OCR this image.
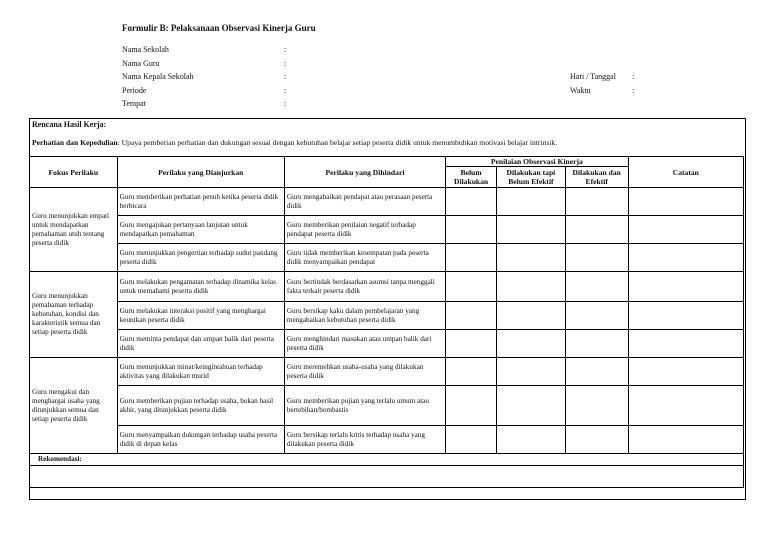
Formulir B: Pelaksanaan Observasi Kinerja Guru
Nama Sekolah	:
Nama Guru	:
Nama Kepala Sekolah	:
Periode	:
Tempat	:
Hari / Tanggal :
Waktu	:
Rencana Hasil Kerja:
Perhatian dan Kepedulian: Upaya pemberian perhatian dan dukungan sesuai dengan kebutuhan belajar setiap peserta didik untuk menumbuhkan motivasi belajar intrinsik.
Fokus Perilaku	Perilaku yang Dianjurkan	Perilaku yang Dihindari	Penilaian Observasi Kinerja			Catatan
			Belum Dilakukan	Dilakukan tapi Belum Efektif	Dilakukan dan Efektif	
Guru menunjukkan empati untuk mendapatkan pemahaman utuh tentang peserta didik	Guru memberikan perhatian penuh ketika peserta didik berbicara	Guru mengabaikan pendapat atau perasaan peserta didik				
	Guru mengajukan pertanyaan lanjutan untuk mendapatkan pemahaman	Guru memberikan penilaian negatif terhadap pendapat peserta didik				
	Guru menunjukkan pengertian terhadap sudut pandang peserta didik	Guru tidak memberikan kesempatan pada peserta didik menyampaikan pendapat				
Guru menunjukkan pemahaman terhadap kebutuhan, kondisi dan karakteristik semua dan setiap peserta didik	Guru melakukan pengamatan terhadap dinamika kelas untuk memahami peserta didik	Guru bertindak berdasarkan asumsi tanpa menggali fakta terkait peserta didik				
	Guru melakukan interaksi positif yang menghargai keunikan peserta didik	Guru bersikap kaku dalam pembelajaran yang mengabaikan kebutuhan peserta didik				
	Guru meminta pendapat dan umpan balik dari peserta didik	Guru menghindari masukan atau umpan balik dari peserta didik				
Guru mengakui dan menghargai usaha yang ditunjukkan semua dan setiap peserta didik	Guru menunjukkan minat/keingintahuan terhadap aktivitas yang dilakukan murid	Guru meremehkan usaha-usaha yang dilakukan peserta didik				
	Guru memberikan pujian terhadap usaha, bukan hasil akhir, yang ditunjukkan peserta didik	Guru memberikan pujian yang terlalu umum atau bertebihan/bombastis				
	Guru menyampaikan dukungan terhadap usaha peserta didik di depan kelas	Guru bersikap terlalu kritis terhadap usaha yang dilakukan peserta didik				
Rekomendasi:						
